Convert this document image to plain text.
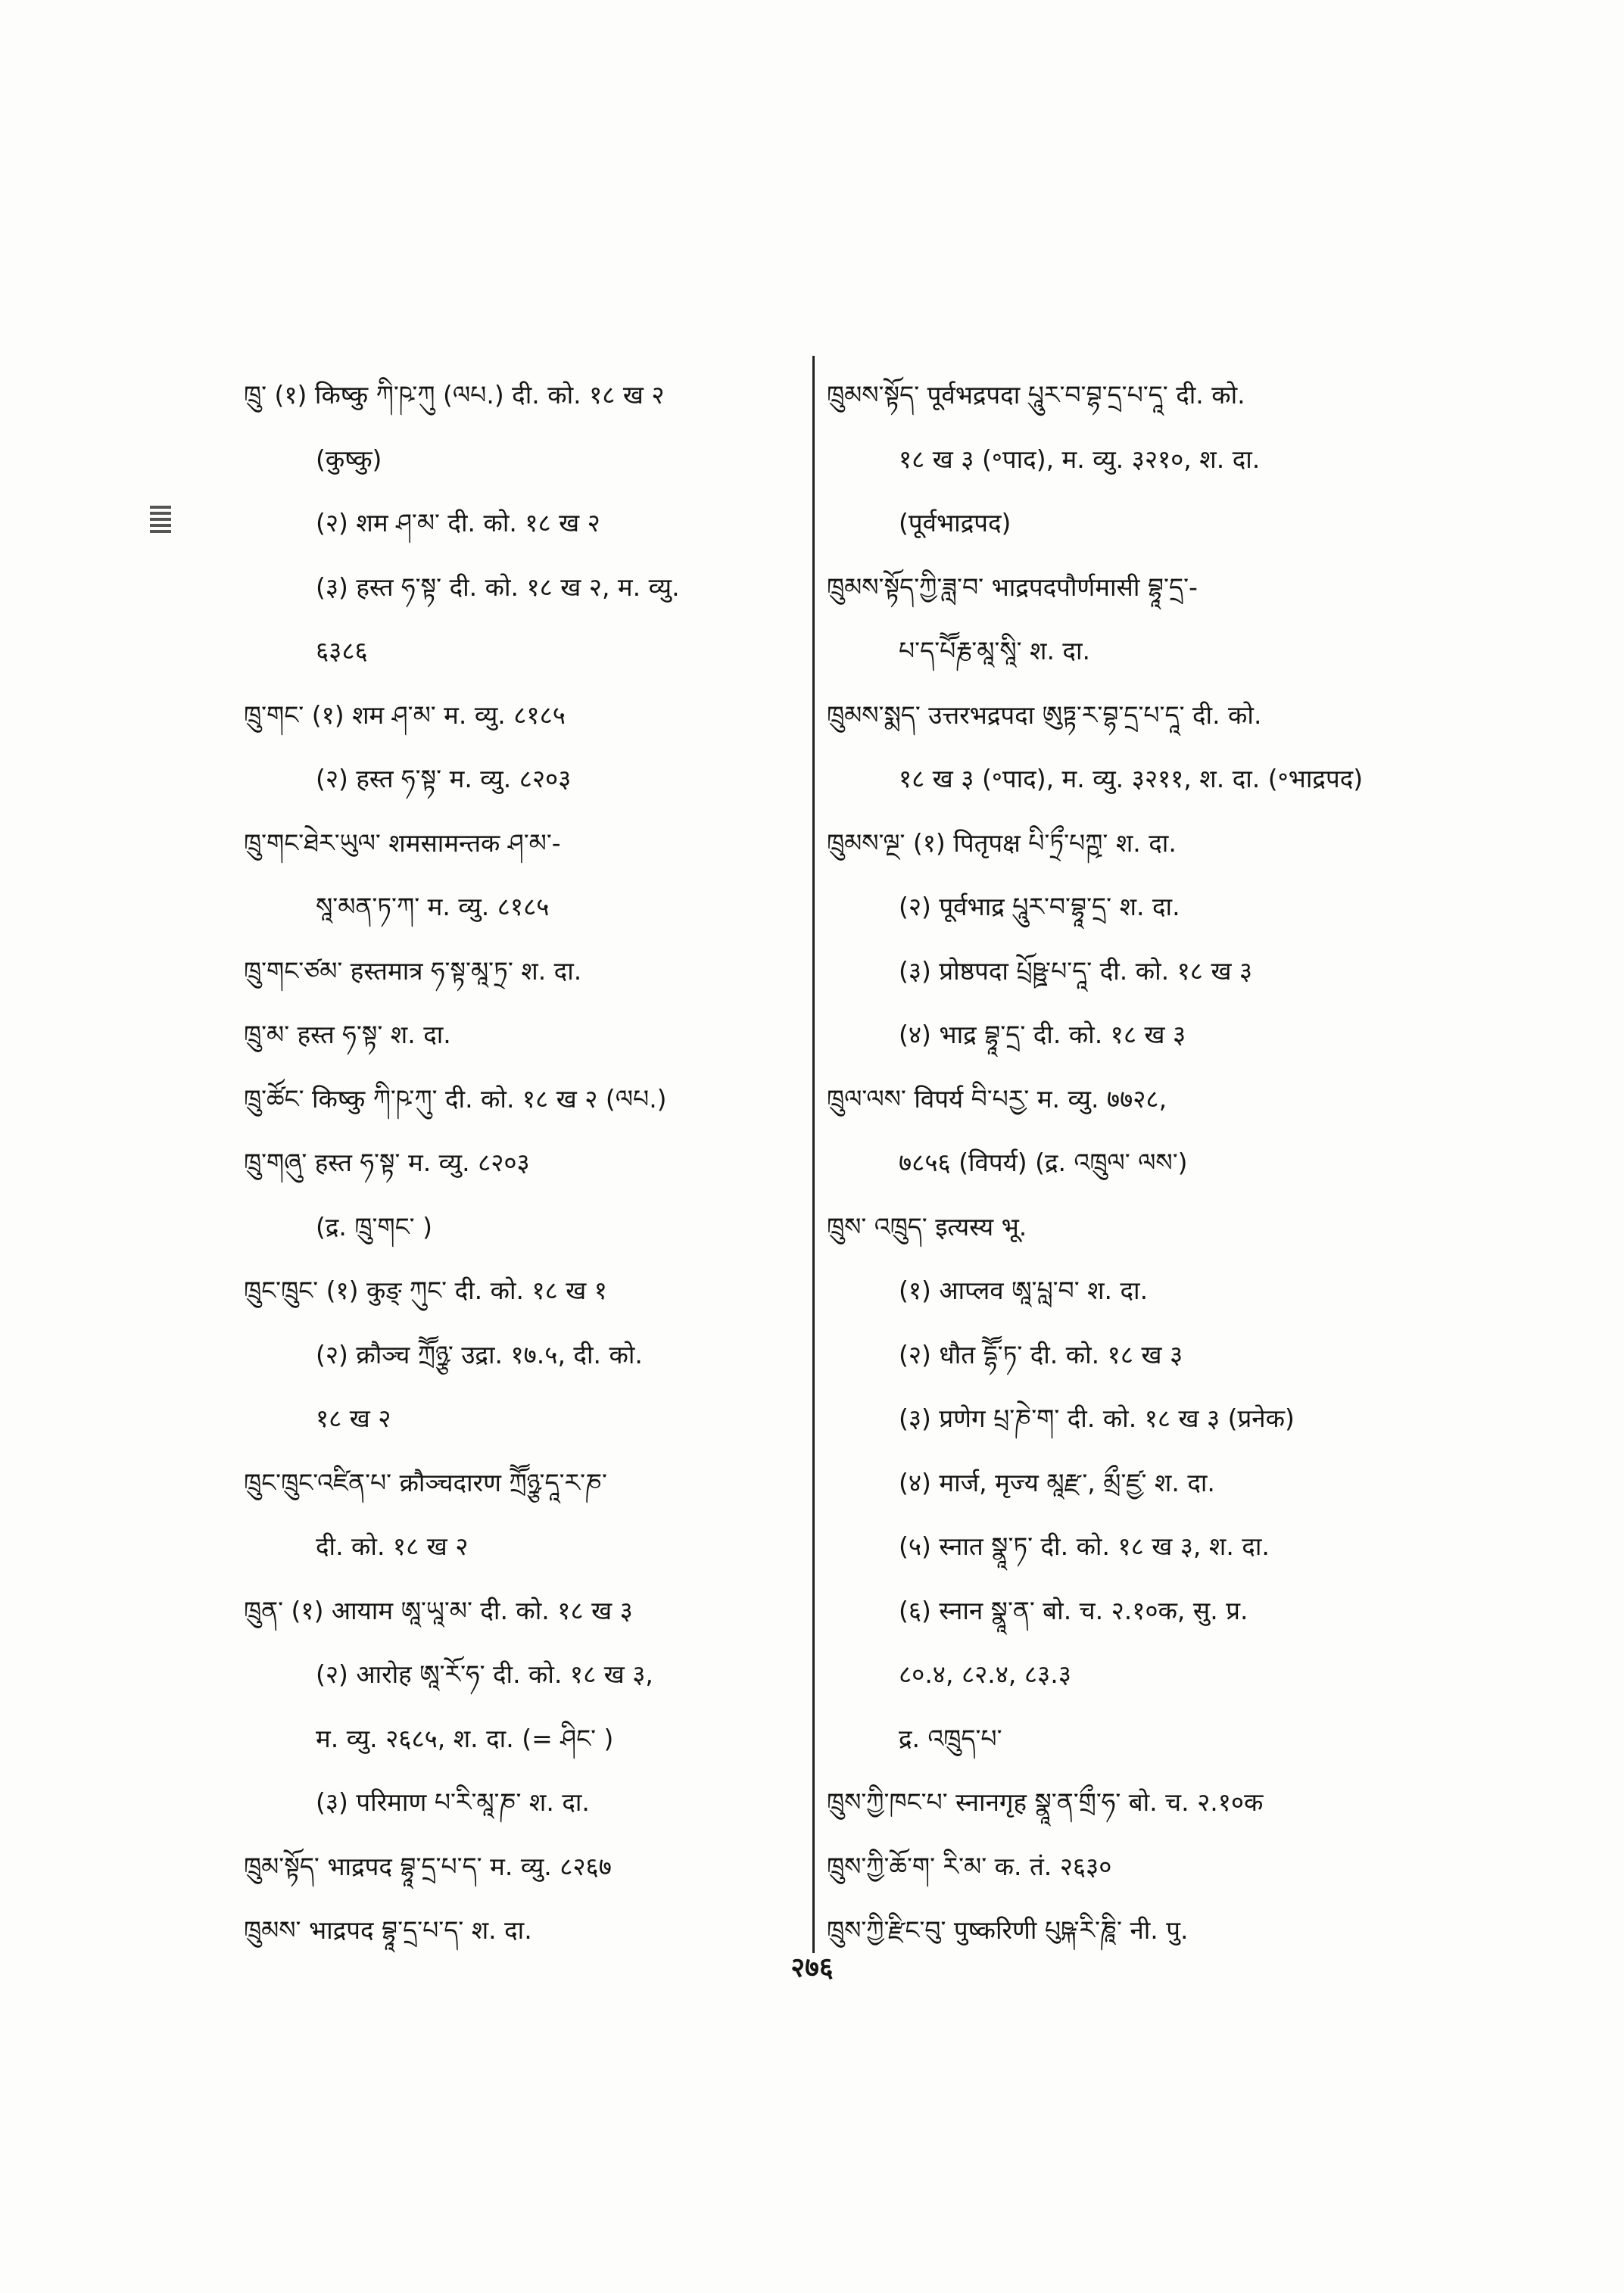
ཁྲུ་ (१) किष्कु ཀི་ཥ་ཀུ (ལཔ.) दी. को. १८ ख २
(कुष्कु)
(२) शम ཤ་མ་ दी. को. १८ ख २
(३) हस्त ཧ་སྟ་ दी. को. १८ ख २, म. व्यु.
६३८६
ཁྲུ་གང་ (१) शम ཤ་མ་ म. व्यु. ८१८५
(२) हस्त ཧ་སྟ་ म. व्यु. ८२०३
ཁྲུ་གང་ཐེར་ཡུལ་ शमसामन्तक ཤ་མ་-
སཱ་མན་ཏ་ཀ་ म. व्यु. ८१८५
ཁྲུ་གང་ཙམ་ हस्तमात्र ཧ་སྟ་མཱ་ཏྲ་ श. दा.
ཁྲུ་མ་ हस्त ཧ་སྟ་ श. दा.
ཁྲུ་ཚོང་ किष्कु ཀི་ཥ་ཀུ་ दी. को. १८ ख २ (ལཔ.)
ཁྲུ་གཞུ་ हस्त ཧ་སྟ་ म. व्यु. ८२०३
(द्र. ཁྲུ་གང་ )
ཁྲུང་ཁྲུང་ (१) कुङ् ཀུང་ दी. को. १८ ख १
(२) क्रौञ्च ཀྲཽཉྩ་ उद्रा. १७.५, दी. को.
१८ ख २
ཁྲུང་ཁྲུང་འཛིན་པ་ क्रौञ्चदारण ཀྲཽཉྩ་དཱ་ར་ཎ་
दी. को. १८ ख २
ཁྲུན་ (१) आयाम ཨཱ་ཡཱ་མ་ दी. को. १८ ख ३
(२) आरोह ཨཱ་རོ་ཧ་ दी. को. १८ ख ३,
म. व्यु. २६८५, श. दा. (= ཤིང་ )
(३) परिमाण པ་རི་མཱ་ཎ་ श. दा.
ཁྲུམ་སྟོད་ भाद्रपद བྷཱ་དྲ་པ་ད་ म. व्यु. ८२६७
ཁྲུམས་ भाद्रपद བྷཱ་དྲ་པ་ད་ श. दा.
ཁྲུམས་སྟོད་ पूर्वभद्रपदा པཱུར་བ་བྷ་དྲ་པ་དཱ་ दी. को.
१८ ख ३ (॰पाद), म. व्यु. ३२१०, श. दा.
(पूर्वभाद्रपद)
ཁྲུམས་སྟོད་ཀྱི་ཟླ་བ་ भाद्रपदपौर्णमासी བྷཱ་དྲ་-
པ་ད་པཽརྞ་མཱ་སཱི་ श. दा.
ཁྲུམས་སྨད་ उत्तरभद्रपदा ཨུཏྟ་ར་བྷ་དྲ་པ་དཱ་ दी. को.
१८ ख ३ (॰पाद), म. व्यु. ३२११, श. दा. (॰भाद्रपद)
ཁྲུམས་ལྔ་ (१) पितृपक्ष པི་ཏྲྀ་པཀྵ་ श. दा.
(२) पूर्वभाद्र པཱུར་བ་བྷཱ་དྲ་ श. दा.
(३) प्रोष्ठपदा པྲོཥྛ་པ་དཱ་ दी. को. १८ ख ३
(४) भाद्र བྷཱ་དྲ་ दी. को. १८ ख ३
ཁྲུལ་ལས་ विपर्य བི་པརྱ་ म. व्यु. ७७२८,
७८५६ (विपर्य) (द्र. འཁྲུལ་ ལས་)
ཁྲུས་ འཁྲུད་ इत्यस्य भू.
(१) आप्लव ཨཱ་པླ་བ་ श. दा.
(२) धौत དྷཽ་ཏ་ दी. को. १८ ख ३
(३) प्रणेग པྲ་ཎེ་ག་ दी. को. १८ ख ३ (प्रनेक)
(४) मार्ज, मृज्य མཱརྫ་, མྲྀ་ཛྱ་ श. दा.
(५) स्नात སྣཱ་ཏ་ दी. को. १८ ख ३, श. दा.
(६) स्नान སྣཱ་ན་ बो. च. २.१०क, सु. प्र.
८०.४, ८२.४, ८३.३
द्र. འཁྲུད་པ་
ཁྲུས་ཀྱི་ཁང་པ་ स्नानगृह སྣཱ་ན་གྲྀ་ཧ་ बो. च. २.१०क
ཁྲུས་ཀྱི་ཆོ་ག་ རི་མ་ क. तं. २६३०
ཁྲུས་ཀྱི་རྫིང་བུ་ पुष्करिणी པུཥྐ་རི་ཎཱི་ नी. पु.
२७६
